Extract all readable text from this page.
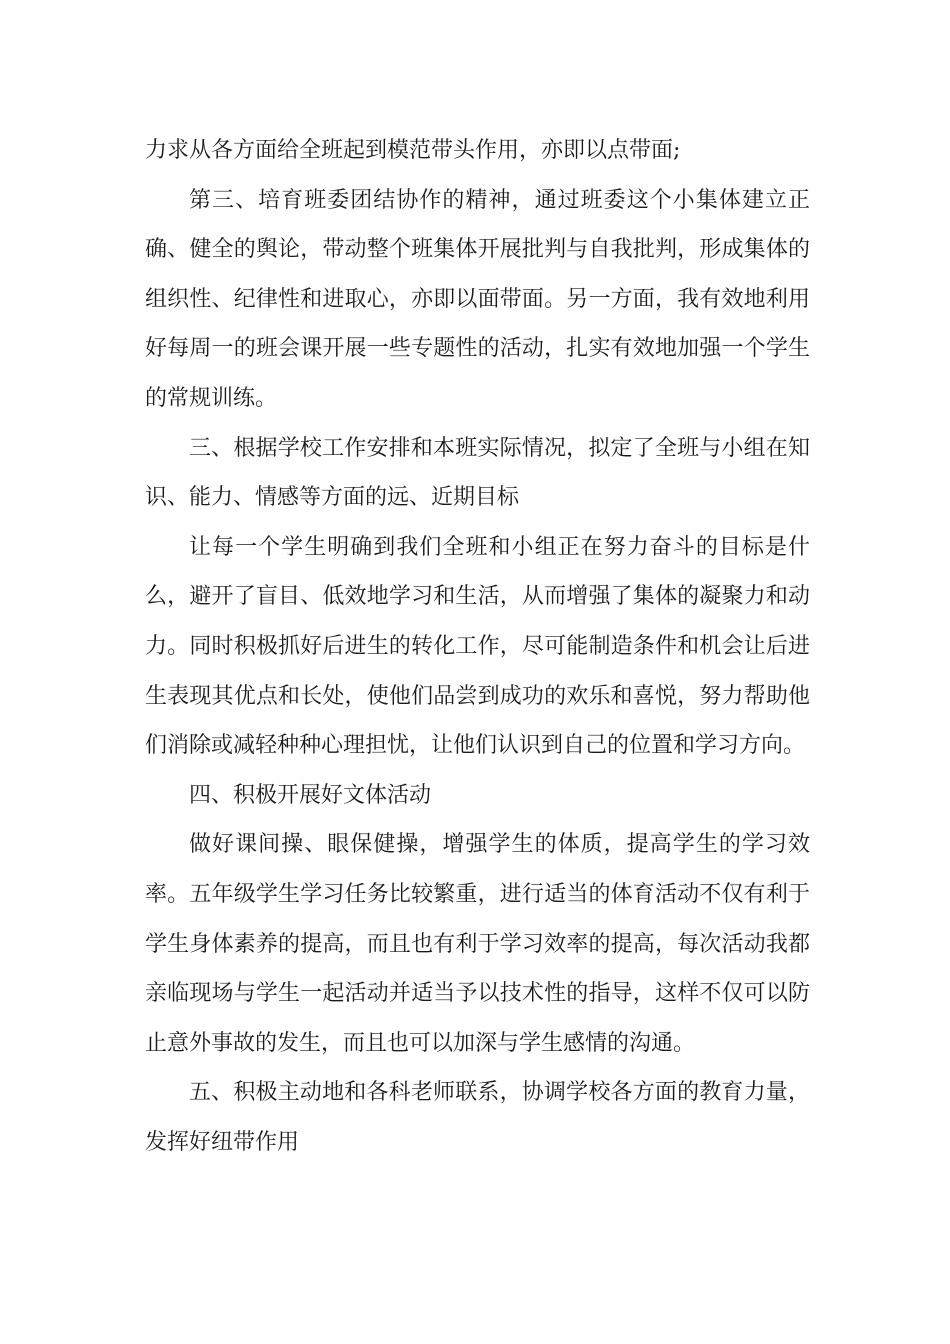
力求从各方面给全班起到模范带头作用，亦即以点带面;

第三、培育班委团结协作的精神，通过班委这个小集体建立正确、健全的舆论，带动整个班集体开展批判与自我批判，形成集体的组织性、纪律性和进取心，亦即以面带面。另一方面，我有效地利用好每周一的班会课开展一些专题性的活动，扎实有效地加强一个学生的常规训练。

三、根据学校工作安排和本班实际情况，拟定了全班与小组在知识、能力、情感等方面的远、近期目标

让每一个学生明确到我们全班和小组正在努力奋斗的目标是什么，避开了盲目、低效地学习和生活，从而增强了集体的凝聚力和动力。同时积极抓好后进生的转化工作，尽可能制造条件和机会让后进生表现其优点和长处，使他们品尝到成功的欢乐和喜悦，努力帮助他们消除或减轻种种心理担忧，让他们认识到自己的位置和学习方向。

四、积极开展好文体活动

做好课间操、眼保健操，增强学生的体质，提高学生的学习效率。五年级学生学习任务比较繁重，进行适当的体育活动不仅有利于学生身体素养的提高，而且也有利于学习效率的提高，每次活动我都亲临现场与学生一起活动并适当予以技术性的指导，这样不仅可以防止意外事故的发生，而且也可以加深与学生感情的沟通。

五、积极主动地和各科老师联系，协调学校各方面的教育力量，发挥好纽带作用
